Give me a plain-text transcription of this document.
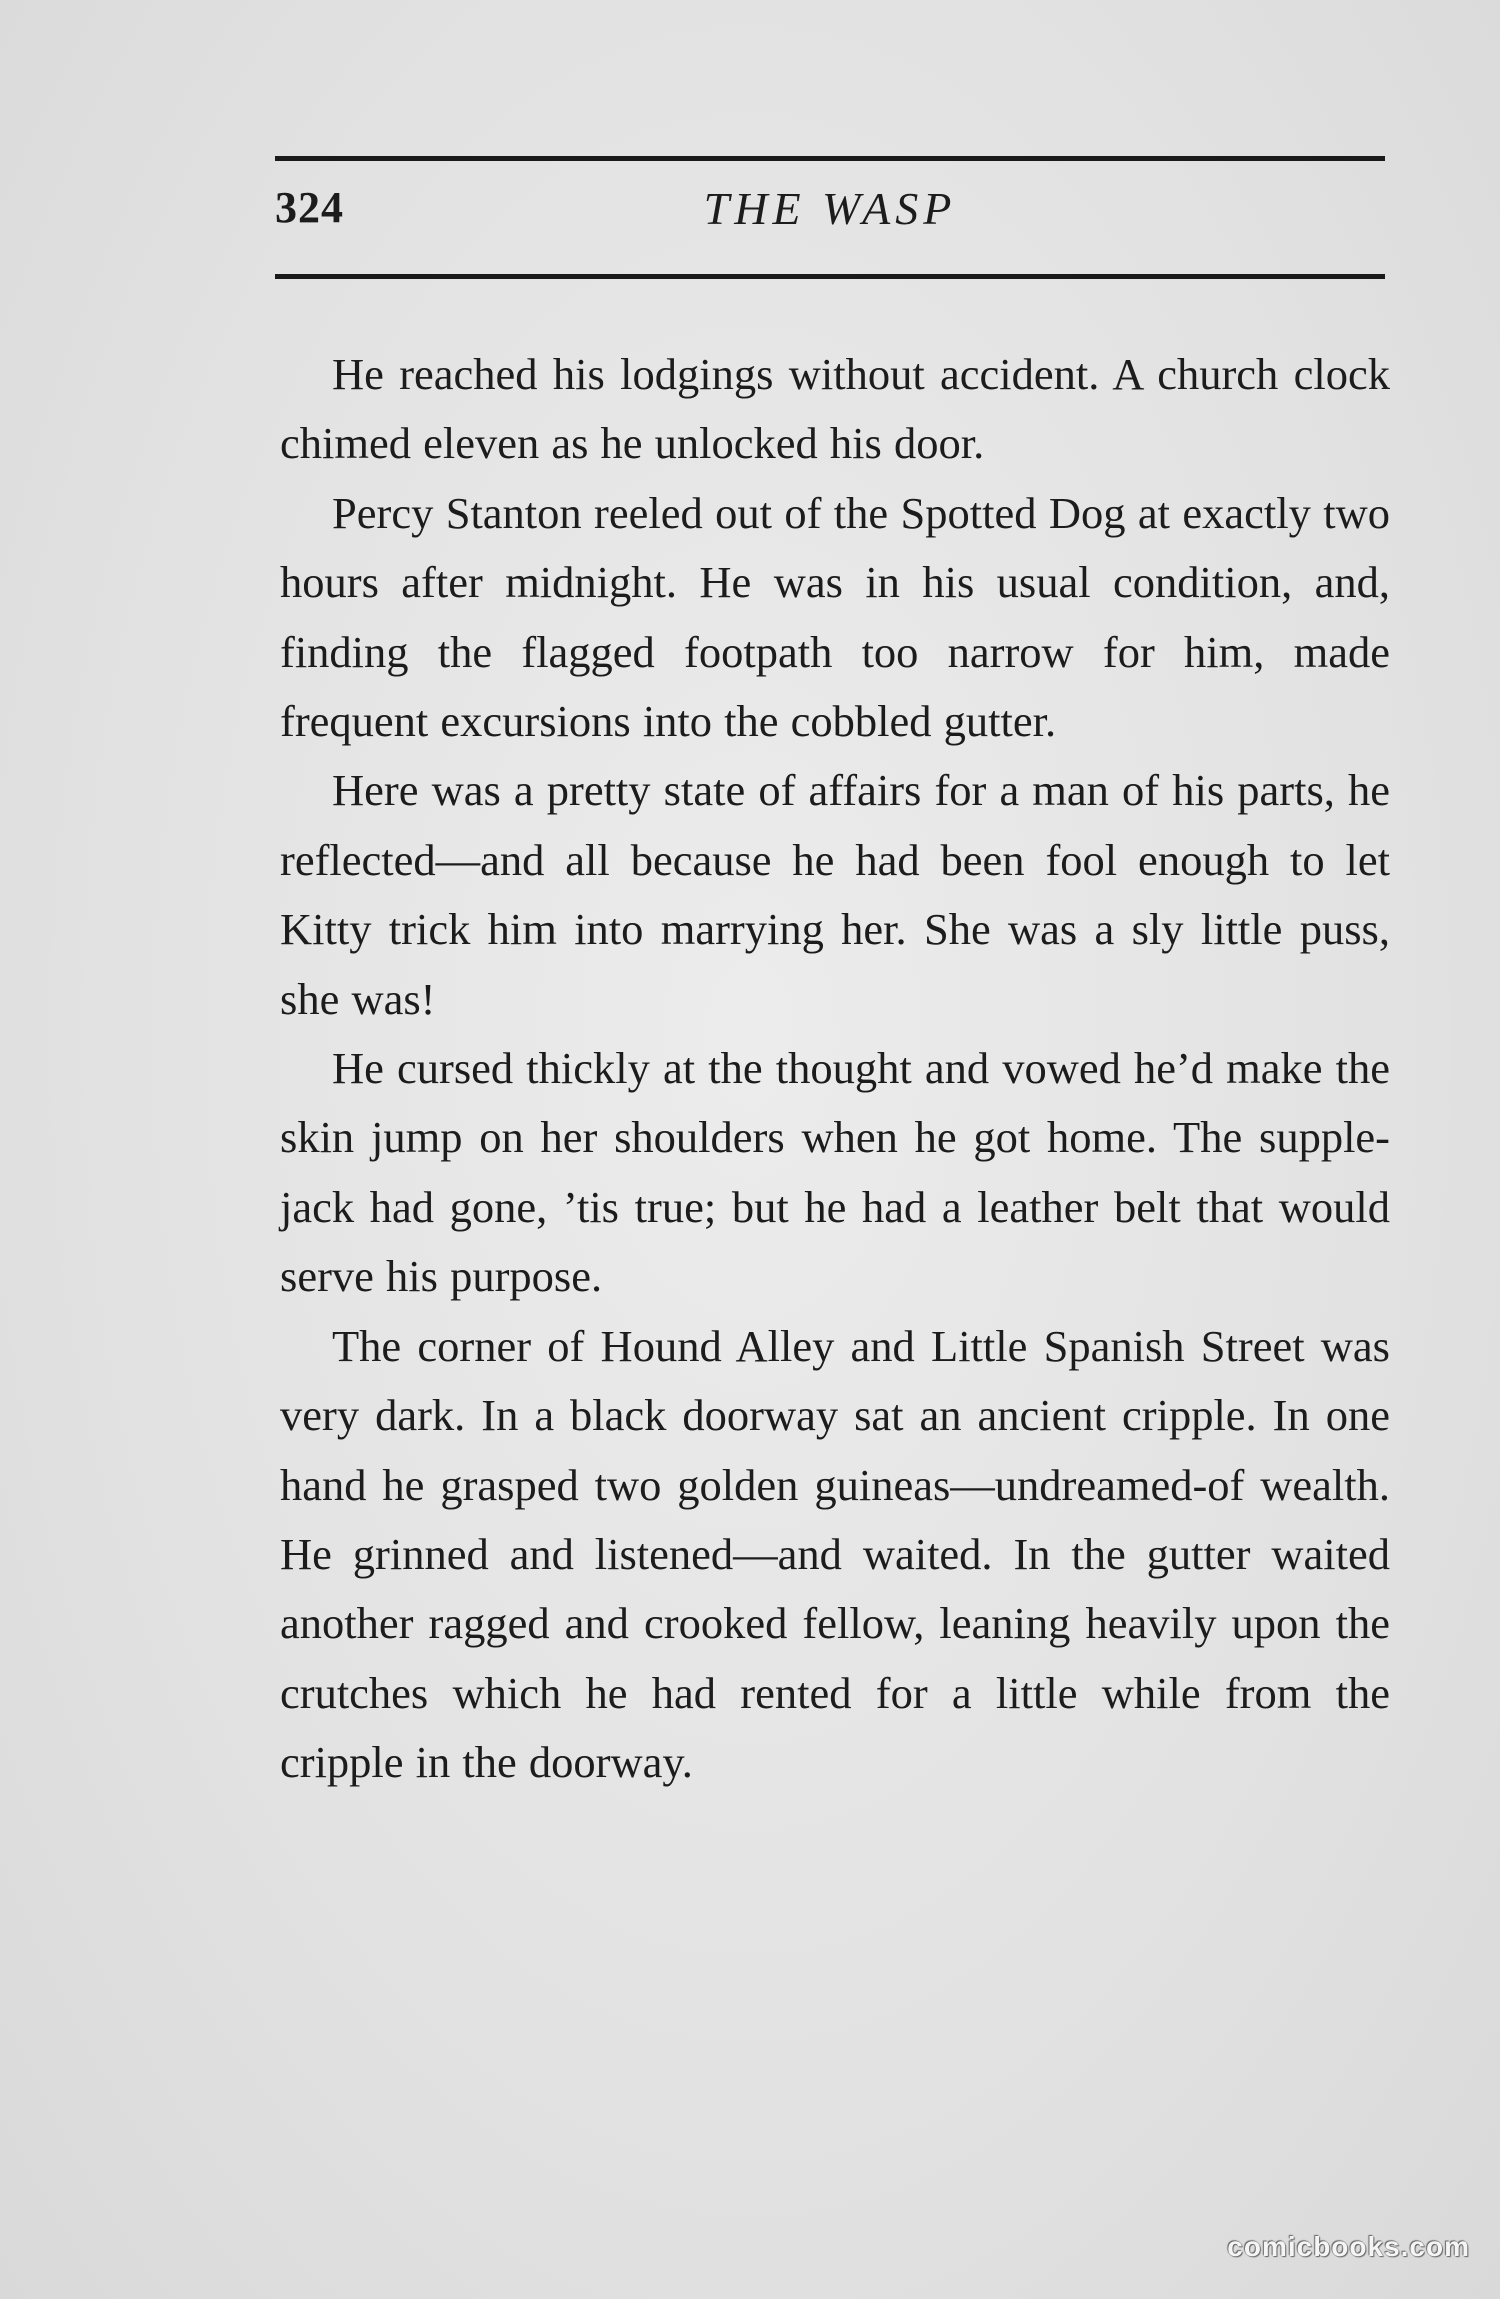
324	THE WASP

He reached his lodgings without accident. A church clock chimed eleven as he unlocked his door.

Percy Stanton reeled out of the Spotted Dog at exactly two hours after midnight. He was in his usual condition, and, finding the flagged footpath too narrow for him, made frequent excursions into the cobbled gutter.

Here was a pretty state of affairs for a man of his parts, he reflected—and all because he had been fool enough to let Kitty trick him into marrying her. She was a sly little puss, she was!

He cursed thickly at the thought and vowed he’d make the skin jump on her shoulders when he got home. The supple-jack had gone, ’tis true; but he had a leather belt that would serve his purpose.

The corner of Hound Alley and Little Spanish Street was very dark. In a black doorway sat an ancient cripple. In one hand he grasped two golden guineas—undreamed-of wealth. He grinned and listened—and waited. In the gutter waited another ragged and crooked fellow, leaning heavily upon the crutches which he had rented for a little while from the cripple in the doorway.

comicbooks.com
